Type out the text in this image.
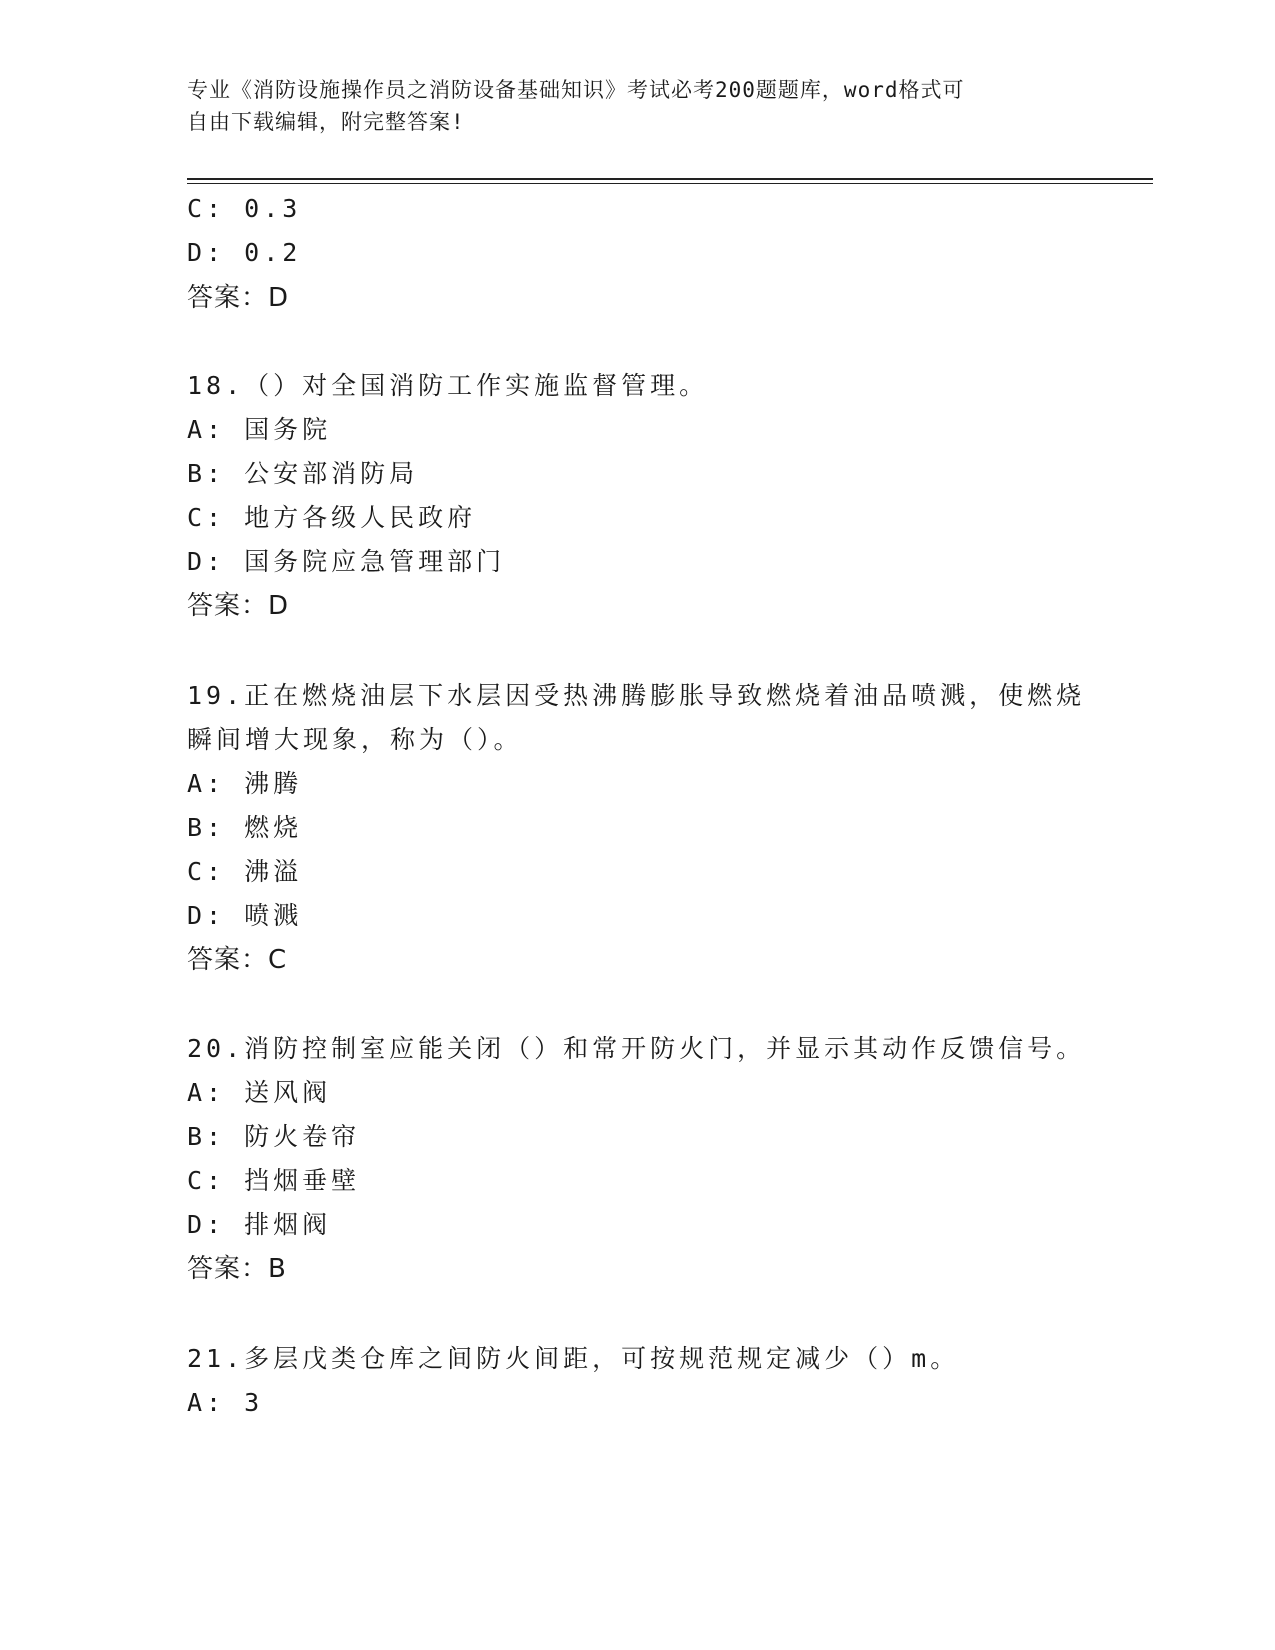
专业《消防设施操作员之消防设备基础知识》考试必考200题题库，word格式可
自由下载编辑，附完整答案!
C: 0.3
D: 0.2
答案：D
18.（）对全国消防工作实施监督管理。
A: 国务院
B: 公安部消防局
C: 地方各级人民政府
D: 国务院应急管理部门
答案：D
19.正在燃烧油层下水层因受热沸腾膨胀导致燃烧着油品喷溅，使燃烧
瞬间增大现象，称为（）。
A: 沸腾
B: 燃烧
C: 沸溢
D: 喷溅
答案：C
20.消防控制室应能关闭（）和常开防火门，并显示其动作反馈信号。
A: 送风阀
B: 防火卷帘
C: 挡烟垂壁
D: 排烟阀
答案：B
21.多层戊类仓库之间防火间距，可按规范规定减少（）m。
A: 3
